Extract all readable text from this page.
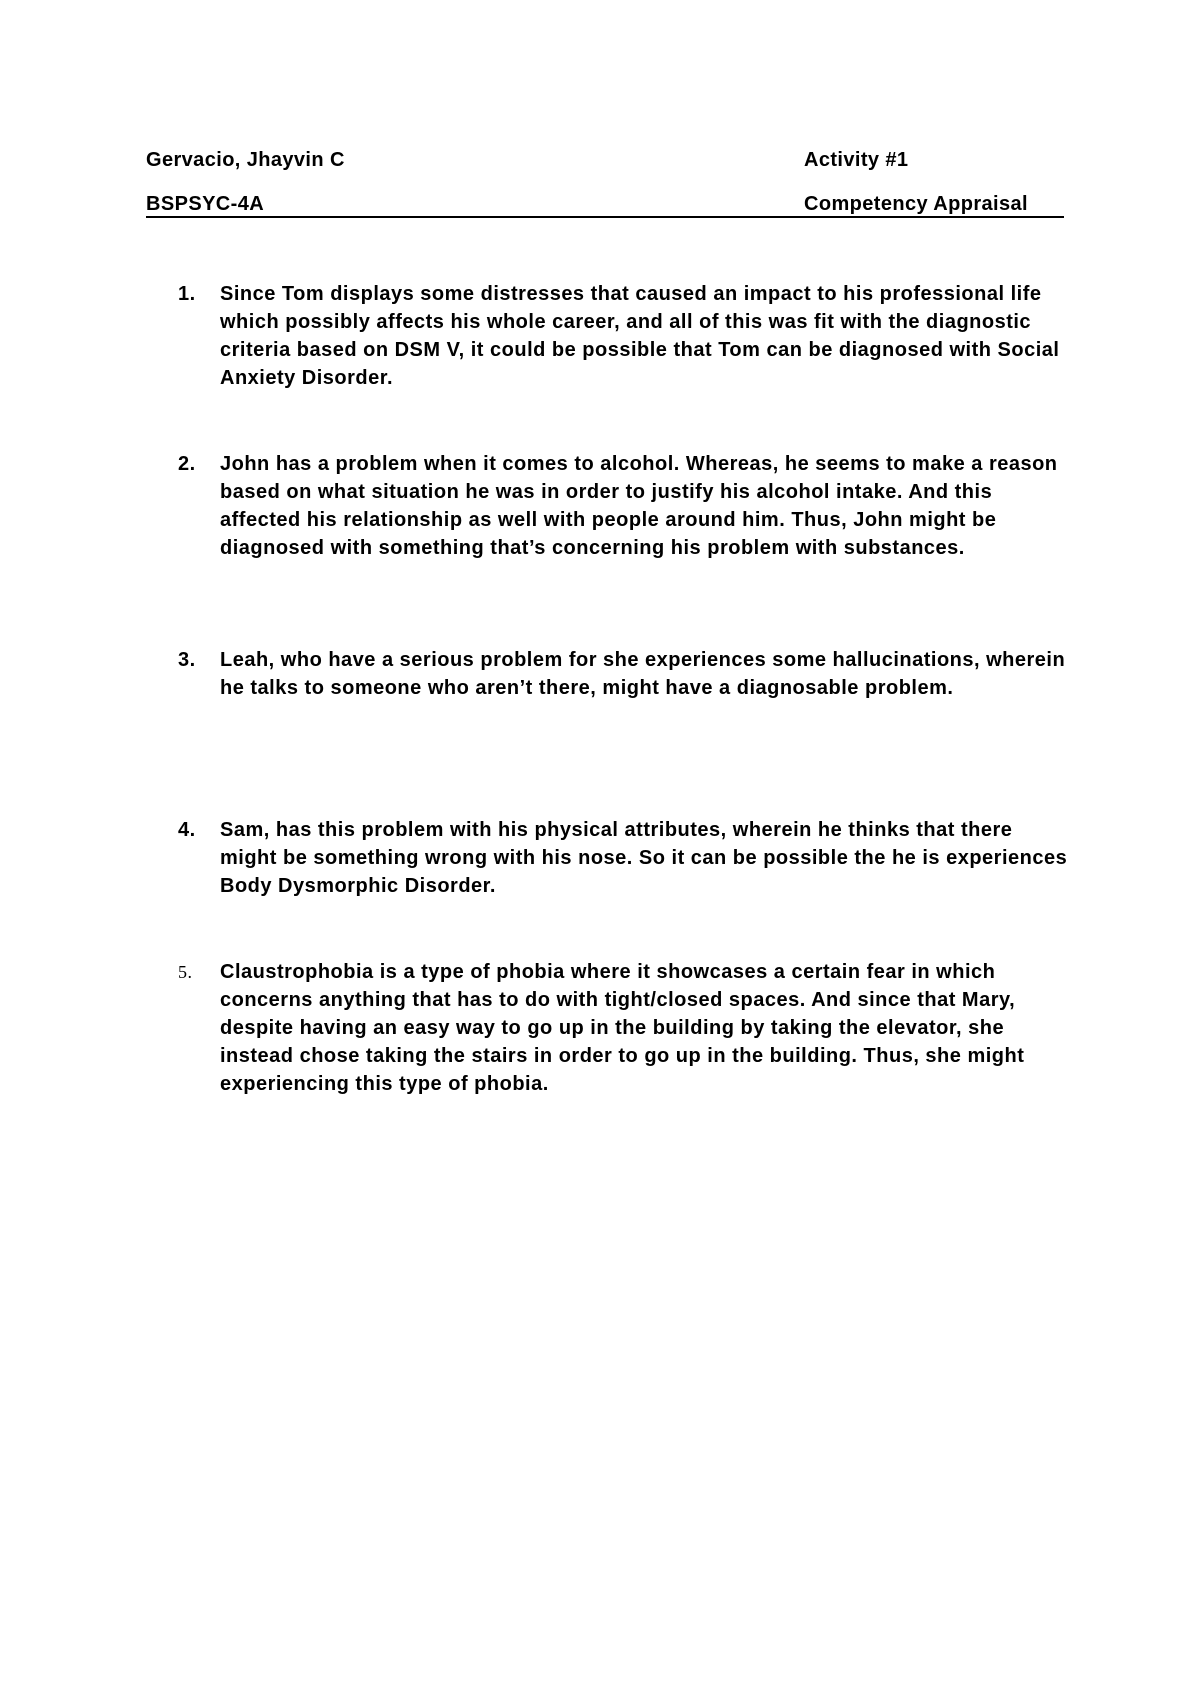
Gervacio, Jhayvin C	Activity #1
BSPSYC-4A	Competency Appraisal
1.	Since Tom displays some distresses that caused an impact to his professional life which possibly affects his whole career, and all of this was fit with the diagnostic criteria based on DSM V, it could be possible that Tom can be diagnosed with Social Anxiety Disorder.
2.	John has a problem when it comes to alcohol. Whereas, he seems to make a reason based on what situation he was in order to justify his alcohol intake. And this affected his relationship as well with people around him. Thus, John might be diagnosed with something that’s concerning his problem with substances.
3.	Leah, who have a serious problem for she experiences some hallucinations, wherein he talks to someone who aren’t there, might have a diagnosable problem.
4.	Sam, has this problem with his physical attributes, wherein he thinks that there might be something wrong with his nose. So it can be possible the he is experiences Body Dysmorphic Disorder.
5.	Claustrophobia is a type of phobia where it showcases a certain fear in which concerns anything that has to do with tight/closed spaces. And since that Mary, despite having an easy way to go up in the building by taking the elevator, she instead chose taking the stairs in order to go up in the building. Thus, she might experiencing this type of phobia.
